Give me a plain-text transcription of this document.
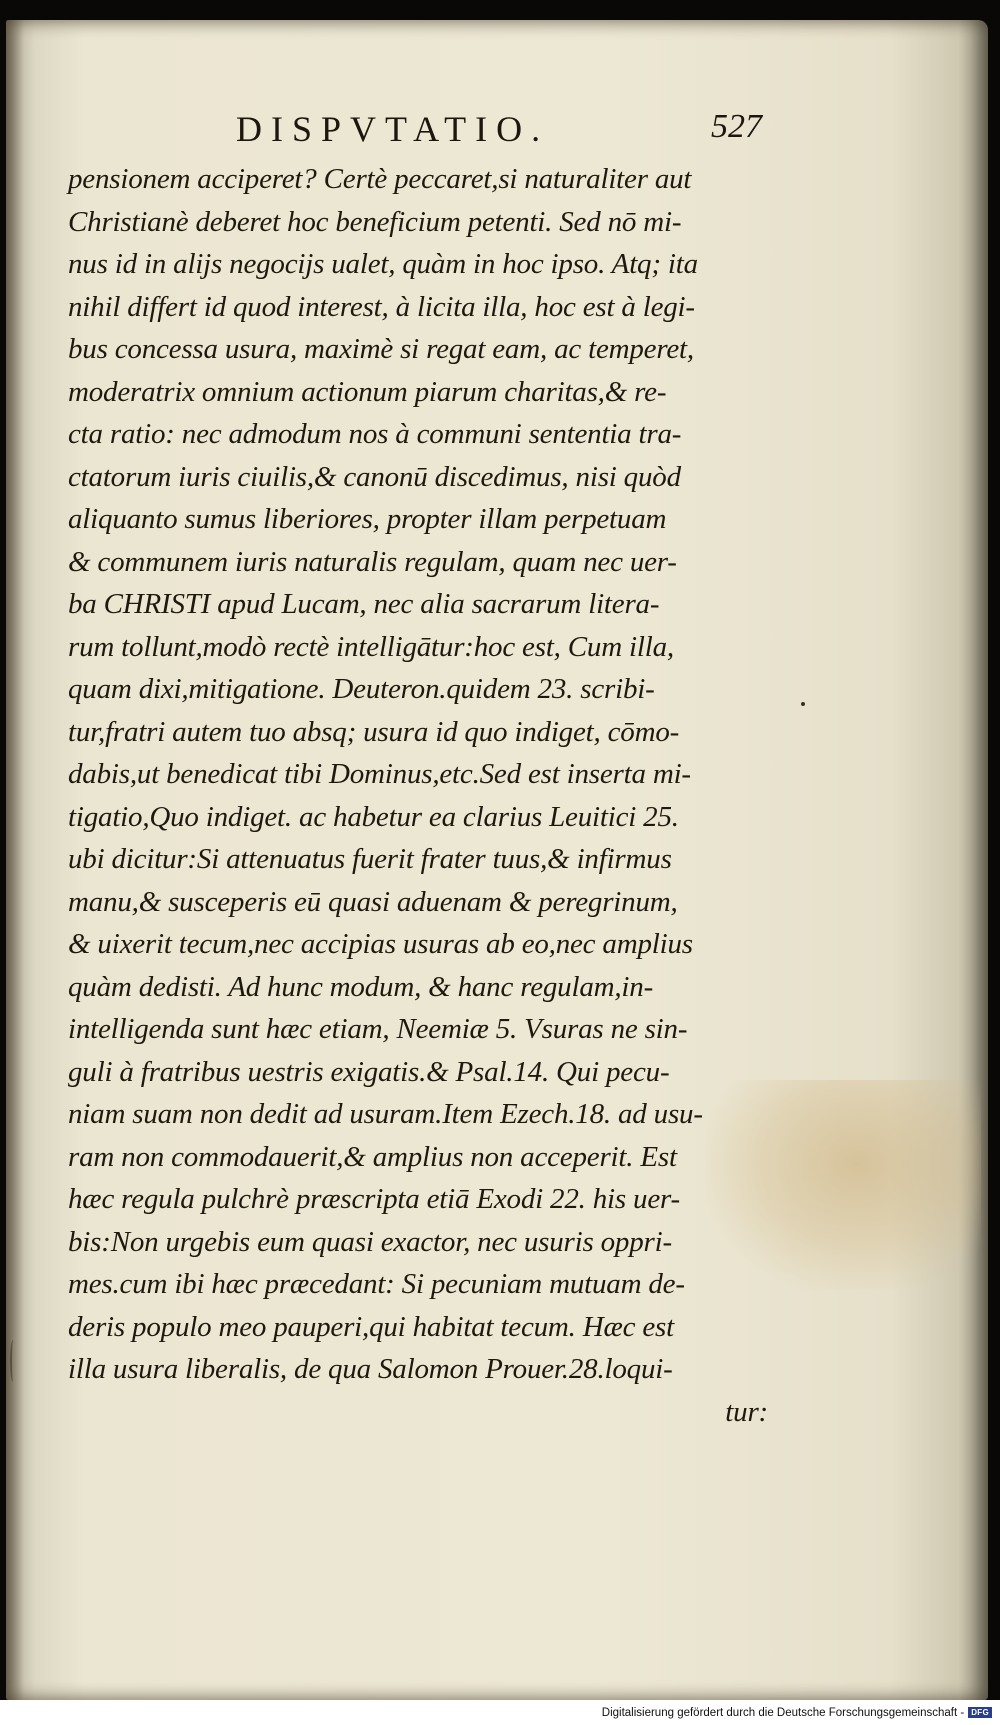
DISPVTATIO.	527
pensionem acciperet? Certè peccaret,si naturaliter aut
Christianè deberet hoc beneficium petenti. Sed nō mi-
nus id in alijs negocijs ualet, quàm in hoc ipso. Atq; ita
nihil differt id quod interest, à licita illa, hoc est à legi-
bus concessa usura, maximè si regat eam, ac temperet,
moderatrix omnium actionum piarum charitas,& re-
cta ratio: nec admodum nos à communi sententia tra-
ctatorum iuris ciuilis,& canonū discedimus, nisi quòd
aliquanto sumus liberiores, propter illam perpetuam
& communem iuris naturalis regulam, quam nec uer-
ba CHRISTI apud Lucam, nec alia sacrarum litera-
rum tollunt,modò rectè intelligātur:hoc est, Cum illa,
quam dixi,mitigatione. Deuteron.quidem 23. scribi-
tur,fratri autem tuo absq; usura id quo indiget, cōmo-
dabis,ut benedicat tibi Dominus,etc.Sed est inserta mi-
tigatio,Quo indiget. ac habetur ea clarius Leuitici 25.
ubi dicitur:Si attenuatus fuerit frater tuus,& infirmus
manu,& susceperis eū quasi aduenam & peregrinum,
& uixerit tecum,nec accipias usuras ab eo,nec amplius
quàm dedisti. Ad hunc modum, & hanc regulam,in-
intelligenda sunt hæc etiam, Neemiæ 5. Vsuras ne sin-
guli à fratribus uestris exigatis.& Psal.14. Qui pecu-
niam suam non dedit ad usuram.Item Ezech.18. ad usu-
ram non commodauerit,& amplius non acceperit. Est
hæc regula pulchrè præscripta etiā Exodi 22. his uer-
bis:Non urgebis eum quasi exactor, nec usuris oppri-
mes.cum ibi hæc præcedant: Si pecuniam mutuam de-
deris populo meo pauperi,qui habitat tecum. Hæc est
illa usura liberalis, de qua Salomon Prouer.28.loqui-
tur:
Digitalisierung gefördert durch die Deutsche Forschungsgemeinschaft - DFG
